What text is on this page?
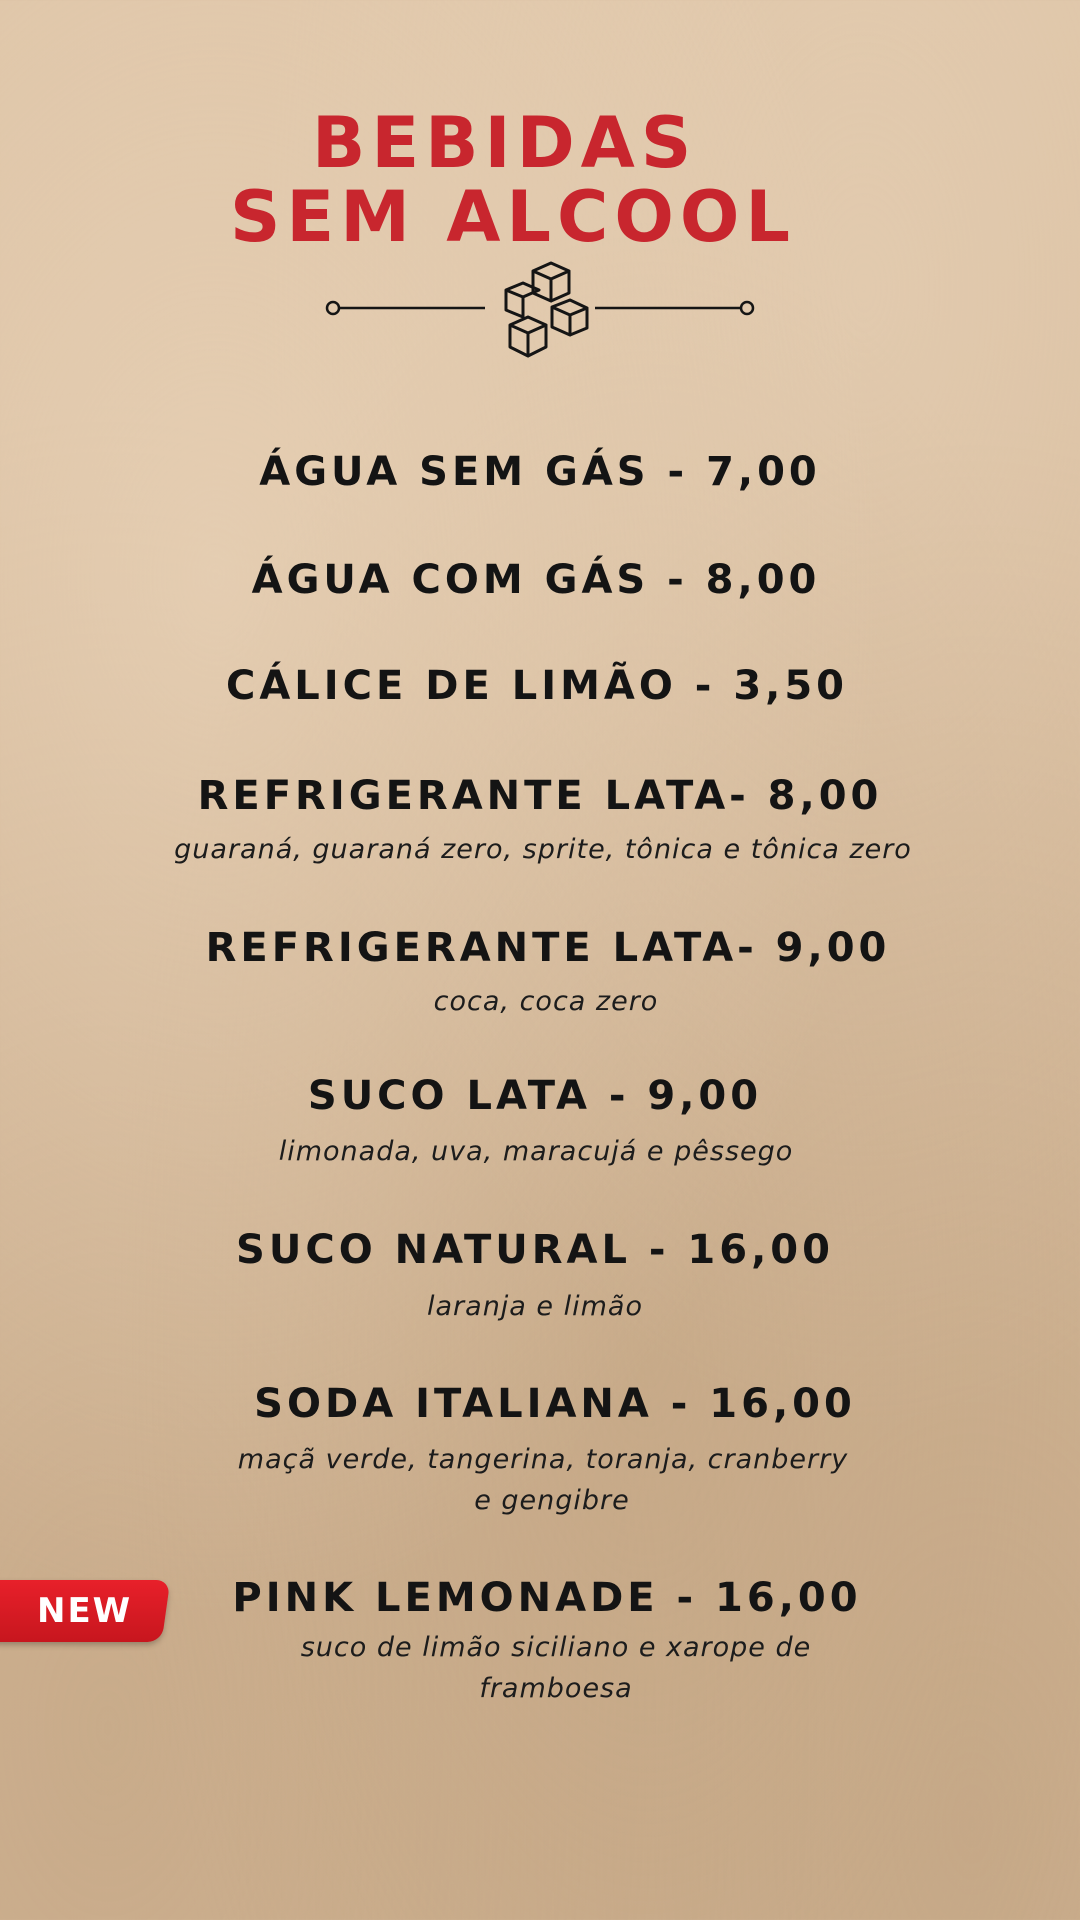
BEBIDAS
SEM ALCOOL

ÁGUA SEM GÁS - 7,00

ÁGUA COM GÁS - 8,00

CÁLICE DE LIMÃO - 3,50

REFRIGERANTE LATA- 8,00

guaraná, guaraná zero, sprite, tônica e tônica zero

REFRIGERANTE LATA- 9,00

coca, coca zero

SUCO LATA - 9,00

limonada, uva, maracujá e pêssego

SUCO NATURAL - 16,00

laranja e limão

SODA ITALIANA - 16,00

maçã verde, tangerina, toranja, cranberry

e gengibre

NEW	PINK LEMONADE - 16,00

suco de limão siciliano e xarope de

framboesa
